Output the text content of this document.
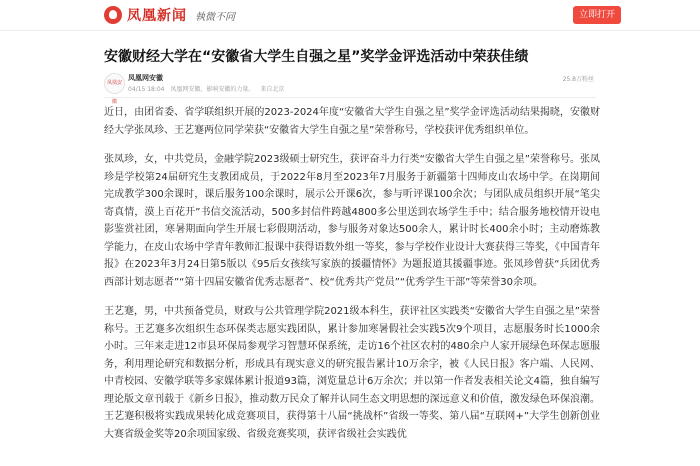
凤凰新闻 執微不同	立即打开
安徽财经大学在“安徽省大学生自强之星”奖学金评选活动中荣获佳绩
凤凰安徽
凤凰网安徽
04/15 18:04 凤凰网安徽，影响安徽的力量。 来自北京
25.8万粉丝

近日，由团省委、省学联组织开展的2023-2024年度“安徽省大学生自强之星”奖学金评选活动结果揭晓，安徽财经大学张凤珍、王艺蹇两位同学荣获“安徽省大学生自强之星”荣誉称号，学校获评优秀组织单位。

张凤珍，女，中共党员，金融学院2023级硕士研究生，获评奋斗力行类“安徽省大学生自强之星”荣誉称号。张凤珍是学校第24届研究生支教团成员，于2022年8月至2023年7月服务于新疆第十四师皮山农场中学。在岗期间完成教学300余课时，课后服务100余课时，展示公开课6次，参与听评课100余次；与团队成员组织开展“笔尖寄真情，漠上百花开”书信交流活动，500多封信件跨越4800多公里送到农场学生手中；结合服务地校情开设电影鉴赏社团，寒暑期面向学生开展七彩假期活动，参与服务对象达500余人，累计时长400余小时；主动磨炼教学能力，在皮山农场中学青年教师汇报课中获得语数外组一等奖，参与学校作业设计大赛获得三等奖，《中国青年报》在2023年3月24日第5版以《95后女孩续写家族的援疆情怀》为题报道其援疆事迹。张凤珍曾获“兵团优秀西部计划志愿者”“第十四届安徽省优秀志愿者”、校“优秀共产党员”“优秀学生干部”等荣誉30余项。

王艺蹇，男，中共预备党员，财政与公共管理学院2021级本科生，获评社区实践类“安徽省大学生自强之星”荣誉称号。王艺蹇多次组织生态环保类志愿实践团队，累计参加寒暑假社会实践5次9个项目，志愿服务时长1000余小时。三年来走进12市县环保局参观学习智慧环保系统，走访16个社区农村的480余户人家开展绿色环保志愿服务，利用理论研究和数据分析，形成具有现实意义的研究报告累计10万余字，被《人民日报》客户端、人民网、中青校园、安徽学联等多家媒体累计报道93篇，浏览量总计6万余次；并以第一作者发表相关论文4篇，独自编写理论版文章刊载于《新乡日报》，推动数万民众了解并认同生态文明思想的深远意义和价值，激发绿色环保浪潮。王艺蹇积极将实践成果转化成竞赛项目，获得第十八届“挑战杯”省级一等奖、第八届“互联网+”大学生创新创业大赛省级金奖等20余项国家级、省级竞赛奖项，获评省级社会实践优
